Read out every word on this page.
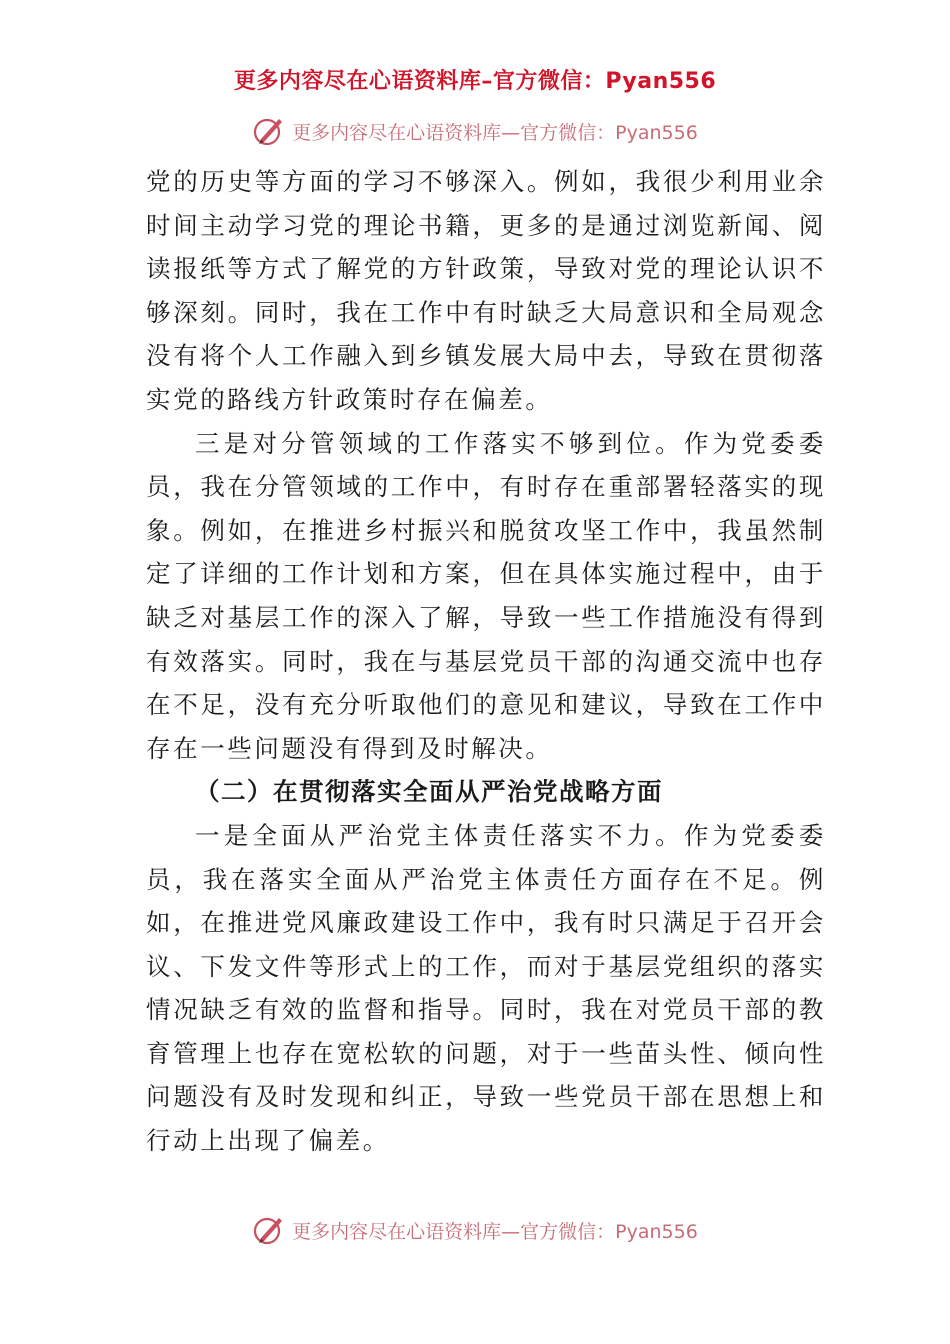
更多内容尽在心语资料库–官方微信：Pyan556
更多内容尽在心语资料库—官方微信：Pyan556

党的历史等方面的学习不够深入。例如，我很少利用业余时间主动学习党的理论书籍，更多的是通过浏览新闻、阅读报纸等方式了解党的方针政策，导致对党的理论认识不够深刻。同时，我在工作中有时缺乏大局意识和全局观念没有将个人工作融入到乡镇发展大局中去，导致在贯彻落实党的路线方针政策时存在偏差。

三是对分管领域的工作落实不够到位。作为党委委员，我在分管领域的工作中，有时存在重部署轻落实的现象。例如，在推进乡村振兴和脱贫攻坚工作中，我虽然制定了详细的工作计划和方案，但在具体实施过程中，由于缺乏对基层工作的深入了解，导致一些工作措施没有得到有效落实。同时，我在与基层党员干部的沟通交流中也存在不足，没有充分听取他们的意见和建议，导致在工作中存在一些问题没有得到及时解决。

（二）在贯彻落实全面从严治党战略方面

一是全面从严治党主体责任落实不力。作为党委委员，我在落实全面从严治党主体责任方面存在不足。例如，在推进党风廉政建设工作中，我有时只满足于召开会议、下发文件等形式上的工作，而对于基层党组织的落实情况缺乏有效的监督和指导。同时，我在对党员干部的教育管理上也存在宽松软的问题，对于一些苗头性、倾向性问题没有及时发现和纠正，导致一些党员干部在思想上和行动上出现了偏差。

更多内容尽在心语资料库—官方微信：Pyan556
